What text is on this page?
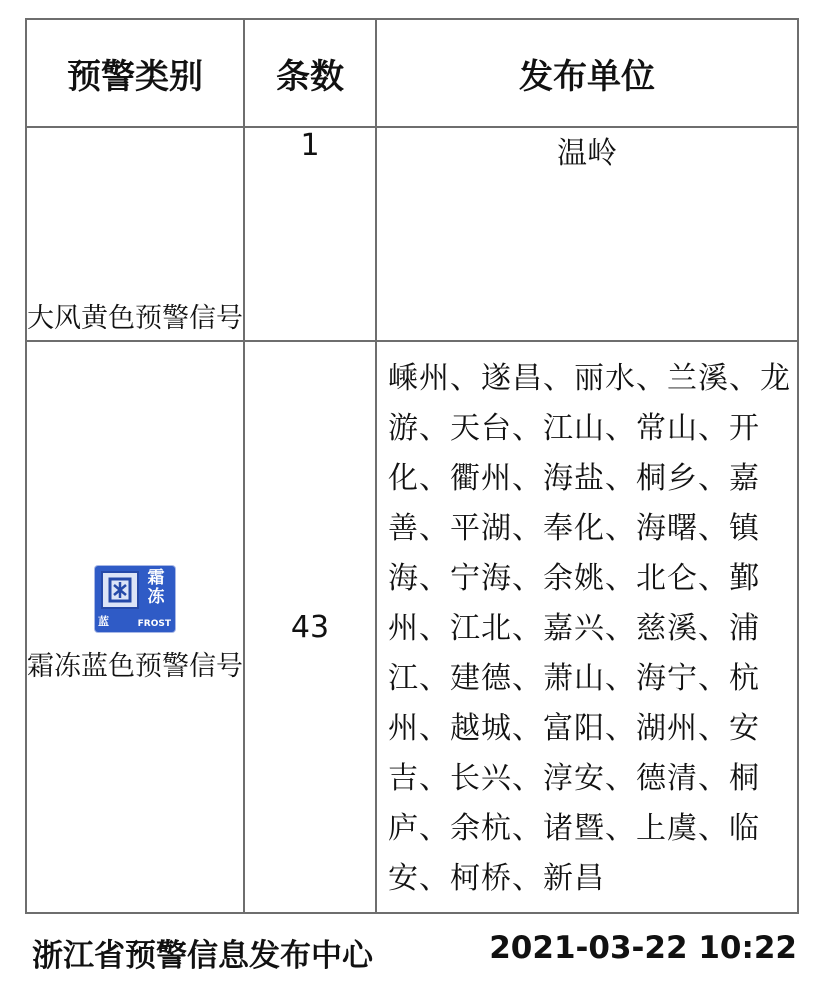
预警类别	条数	发布单位

大风黄色预警信号	1	温岭

霜
冻
蓝 FROST
霜冻蓝色预警信号	43	嵊州、遂昌、丽水、兰溪、龙游、天台、江山、常山、开化、衢州、海盐、桐乡、嘉善、平湖、奉化、海曙、镇海、宁海、余姚、北仑、鄞州、江北、嘉兴、慈溪、浦江、建德、萧山、海宁、杭州、越城、富阳、湖州、安吉、长兴、淳安、德清、桐庐、余杭、诸暨、上虞、临安、柯桥、新昌
浙江省预警信息发布中心	2021-03-22 10:22
